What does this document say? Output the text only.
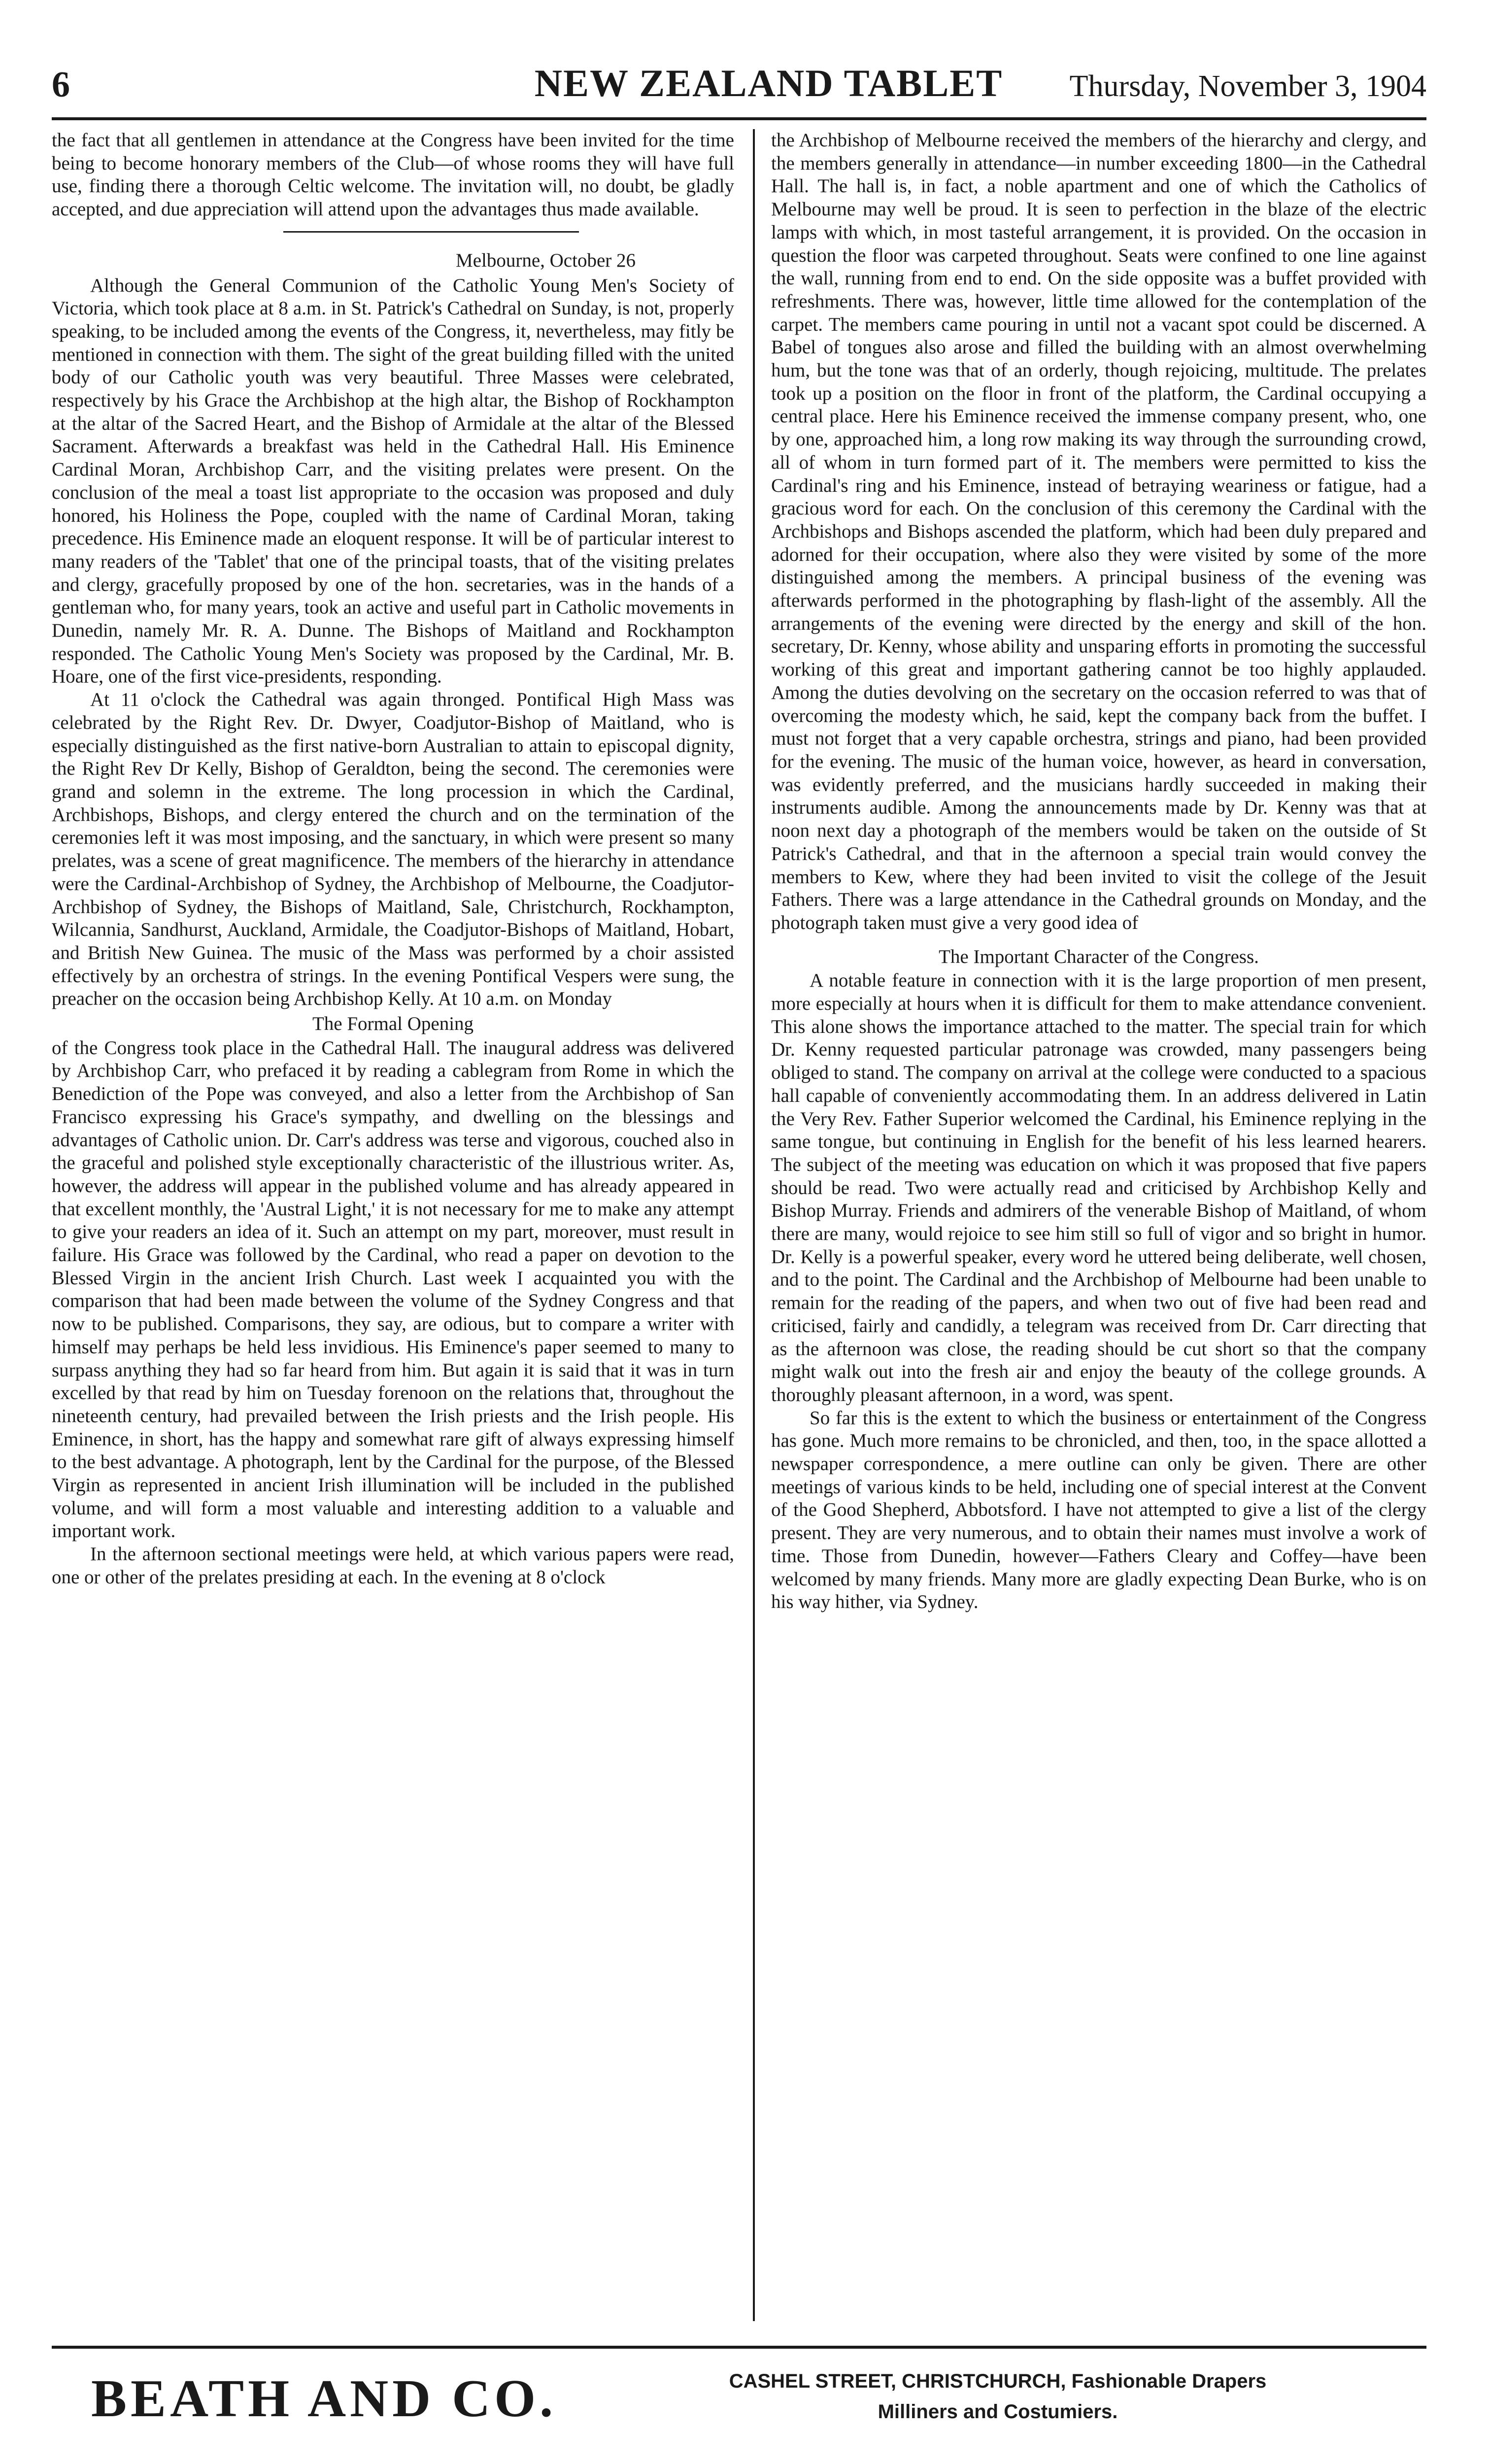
6	NEW ZEALAND TABLET	Thursday, November 3, 1904

the fact that all gentlemen in attendance at the Congress have been invited for the time being to become honorary members of the Club—of whose rooms they will have full use, finding there a thorough Celtic welcome. The invitation will, no doubt, be gladly accepted, and due appreciation will attend upon the advantages thus made available.

Melbourne, October 26

Although the General Communion of the Catholic Young Men's Society of Victoria, which took place at 8 a.m. in St. Patrick's Cathedral on Sunday, is not, properly speaking, to be included among the events of the Congress, it, nevertheless, may fitly be mentioned in connection with them. The sight of the great building filled with the united body of our Catholic youth was very beautiful. Three Masses were celebrated, respectively by his Grace the Archbishop at the high altar, the Bishop of Rockhampton at the altar of the Sacred Heart, and the Bishop of Armidale at the altar of the Blessed Sacrament. Afterwards a breakfast was held in the Cathedral Hall. His Eminence Cardinal Moran, Archbishop Carr, and the visiting prelates were present. On the conclusion of the meal a toast list appropriate to the occasion was proposed and duly honored, his Holiness the Pope, coupled with the name of Cardinal Moran, taking precedence. His Eminence made an eloquent response. It will be of particular interest to many readers of the 'Tablet' that one of the principal toasts, that of the visiting prelates and clergy, gracefully proposed by one of the hon. secretaries, was in the hands of a gentleman who, for many years, took an active and useful part in Catholic movements in Dunedin, namely Mr. R. A. Dunne. The Bishops of Maitland and Rockhampton responded. The Catholic Young Men's Society was proposed by the Cardinal, Mr. B. Hoare, one of the first vice-presidents, responding.

At 11 o'clock the Cathedral was again thronged. Pontifical High Mass was celebrated by the Right Rev. Dr. Dwyer, Coadjutor-Bishop of Maitland, who is especially distinguished as the first native-born Australian to attain to episcopal dignity, the Right Rev Dr Kelly, Bishop of Geraldton, being the second. The ceremonies were grand and solemn in the extreme. The long procession in which the Cardinal, Archbishops, Bishops, and clergy entered the church and on the termination of the ceremonies left it was most imposing, and the sanctuary, in which were present so many prelates, was a scene of great magnificence. The members of the hierarchy in attendance were the Cardinal-Archbishop of Sydney, the Archbishop of Melbourne, the Coadjutor-Archbishop of Sydney, the Bishops of Maitland, Sale, Christchurch, Rockhampton, Wilcannia, Sandhurst, Auckland, Armidale, the Coadjutor-Bishops of Maitland, Hobart, and British New Guinea. The music of the Mass was performed by a choir assisted effectively by an orchestra of strings. In the evening Pontifical Vespers were sung, the preacher on the occasion being Archbishop Kelly. At 10 a.m. on Monday

The Formal Opening

of the Congress took place in the Cathedral Hall. The inaugural address was delivered by Archbishop Carr, who prefaced it by reading a cablegram from Rome in which the Benediction of the Pope was conveyed, and also a letter from the Archbishop of San Francisco expressing his Grace's sympathy, and dwelling on the blessings and advantages of Catholic union. Dr. Carr's address was terse and vigorous, couched also in the graceful and polished style exceptionally characteristic of the illustrious writer. As, however, the address will appear in the published volume and has already appeared in that excellent monthly, the 'Austral Light,' it is not necessary for me to make any attempt to give your readers an idea of it. Such an attempt on my part, moreover, must result in failure. His Grace was followed by the Cardinal, who read a paper on devotion to the Blessed Virgin in the ancient Irish Church. Last week I acquainted you with the comparison that had been made between the volume of the Sydney Congress and that now to be published. Comparisons, they say, are odious, but to compare a writer with himself may perhaps be held less invidious. His Eminence's paper seemed to many to surpass anything they had so far heard from him. But again it is said that it was in turn excelled by that read by him on Tuesday forenoon on the relations that, throughout the nineteenth century, had prevailed between the Irish priests and the Irish people. His Eminence, in short, has the happy and somewhat rare gift of always expressing himself to the best advantage. A photograph, lent by the Cardinal for the purpose, of the Blessed Virgin as represented in ancient Irish illumination will be included in the published volume, and will form a most valuable and interesting addition to a valuable and important work.

In the afternoon sectional meetings were held, at which various papers were read, one or other of the prelates presiding at each. In the evening at 8 o'clock

the Archbishop of Melbourne received the members of the hierarchy and clergy, and the members generally in attendance—in number exceeding 1800—in the Cathedral Hall. The hall is, in fact, a noble apartment and one of which the Catholics of Melbourne may well be proud. It is seen to perfection in the blaze of the electric lamps with which, in most tasteful arrangement, it is provided. On the occasion in question the floor was carpeted throughout. Seats were confined to one line against the wall, running from end to end. On the side opposite was a buffet provided with refreshments. There was, however, little time allowed for the contemplation of the carpet. The members came pouring in until not a vacant spot could be discerned. A Babel of tongues also arose and filled the building with an almost overwhelming hum, but the tone was that of an orderly, though rejoicing, multitude. The prelates took up a position on the floor in front of the platform, the Cardinal occupying a central place. Here his Eminence received the immense company present, who, one by one, approached him, a long row making its way through the surrounding crowd, all of whom in turn formed part of it. The members were permitted to kiss the Cardinal's ring and his Eminence, instead of betraying weariness or fatigue, had a gracious word for each. On the conclusion of this ceremony the Cardinal with the Archbishops and Bishops ascended the platform, which had been duly prepared and adorned for their occupation, where also they were visited by some of the more distinguished among the members. A principal business of the evening was afterwards performed in the photographing by flash-light of the assembly. All the arrangements of the evening were directed by the energy and skill of the hon. secretary, Dr. Kenny, whose ability and unsparing efforts in promoting the successful working of this great and important gathering cannot be too highly applauded. Among the duties devolving on the secretary on the occasion referred to was that of overcoming the modesty which, he said, kept the company back from the buffet. I must not forget that a very capable orchestra, strings and piano, had been provided for the evening. The music of the human voice, however, as heard in conversation, was evidently preferred, and the musicians hardly succeeded in making their instruments audible. Among the announcements made by Dr. Kenny was that at noon next day a photograph of the members would be taken on the outside of St Patrick's Cathedral, and that in the afternoon a special train would convey the members to Kew, where they had been invited to visit the college of the Jesuit Fathers. There was a large attendance in the Cathedral grounds on Monday, and the photograph taken must give a very good idea of

The Important Character of the Congress.

A notable feature in connection with it is the large proportion of men present, more especially at hours when it is difficult for them to make attendance convenient. This alone shows the importance attached to the matter. The special train for which Dr. Kenny requested particular patronage was crowded, many passengers being obliged to stand. The company on arrival at the college were conducted to a spacious hall capable of conveniently accommodating them. In an address delivered in Latin the Very Rev. Father Superior welcomed the Cardinal, his Eminence replying in the same tongue, but continuing in English for the benefit of his less learned hearers. The subject of the meeting was education on which it was proposed that five papers should be read. Two were actually read and criticised by Archbishop Kelly and Bishop Murray. Friends and admirers of the venerable Bishop of Maitland, of whom there are many, would rejoice to see him still so full of vigor and so bright in humor. Dr. Kelly is a powerful speaker, every word he uttered being deliberate, well chosen, and to the point. The Cardinal and the Archbishop of Melbourne had been unable to remain for the reading of the papers, and when two out of five had been read and criticised, fairly and candidly, a telegram was received from Dr. Carr directing that as the afternoon was close, the reading should be cut short so that the company might walk out into the fresh air and enjoy the beauty of the college grounds. A thoroughly pleasant afternoon, in a word, was spent.

So far this is the extent to which the business or entertainment of the Congress has gone. Much more remains to be chronicled, and then, too, in the space allotted a newspaper correspondence, a mere outline can only be given. There are other meetings of various kinds to be held, including one of special interest at the Convent of the Good Shepherd, Abbotsford. I have not attempted to give a list of the clergy present. They are very numerous, and to obtain their names must involve a work of time. Those from Dunedin, however—Fathers Cleary and Coffey—have been welcomed by many friends. Many more are gladly expecting Dean Burke, who is on his way hither, via Sydney.

BEATH AND CO.	CASHEL STREET, CHRISTCHURCH, Fashionable Drapers
Milliners and Costumiers.
